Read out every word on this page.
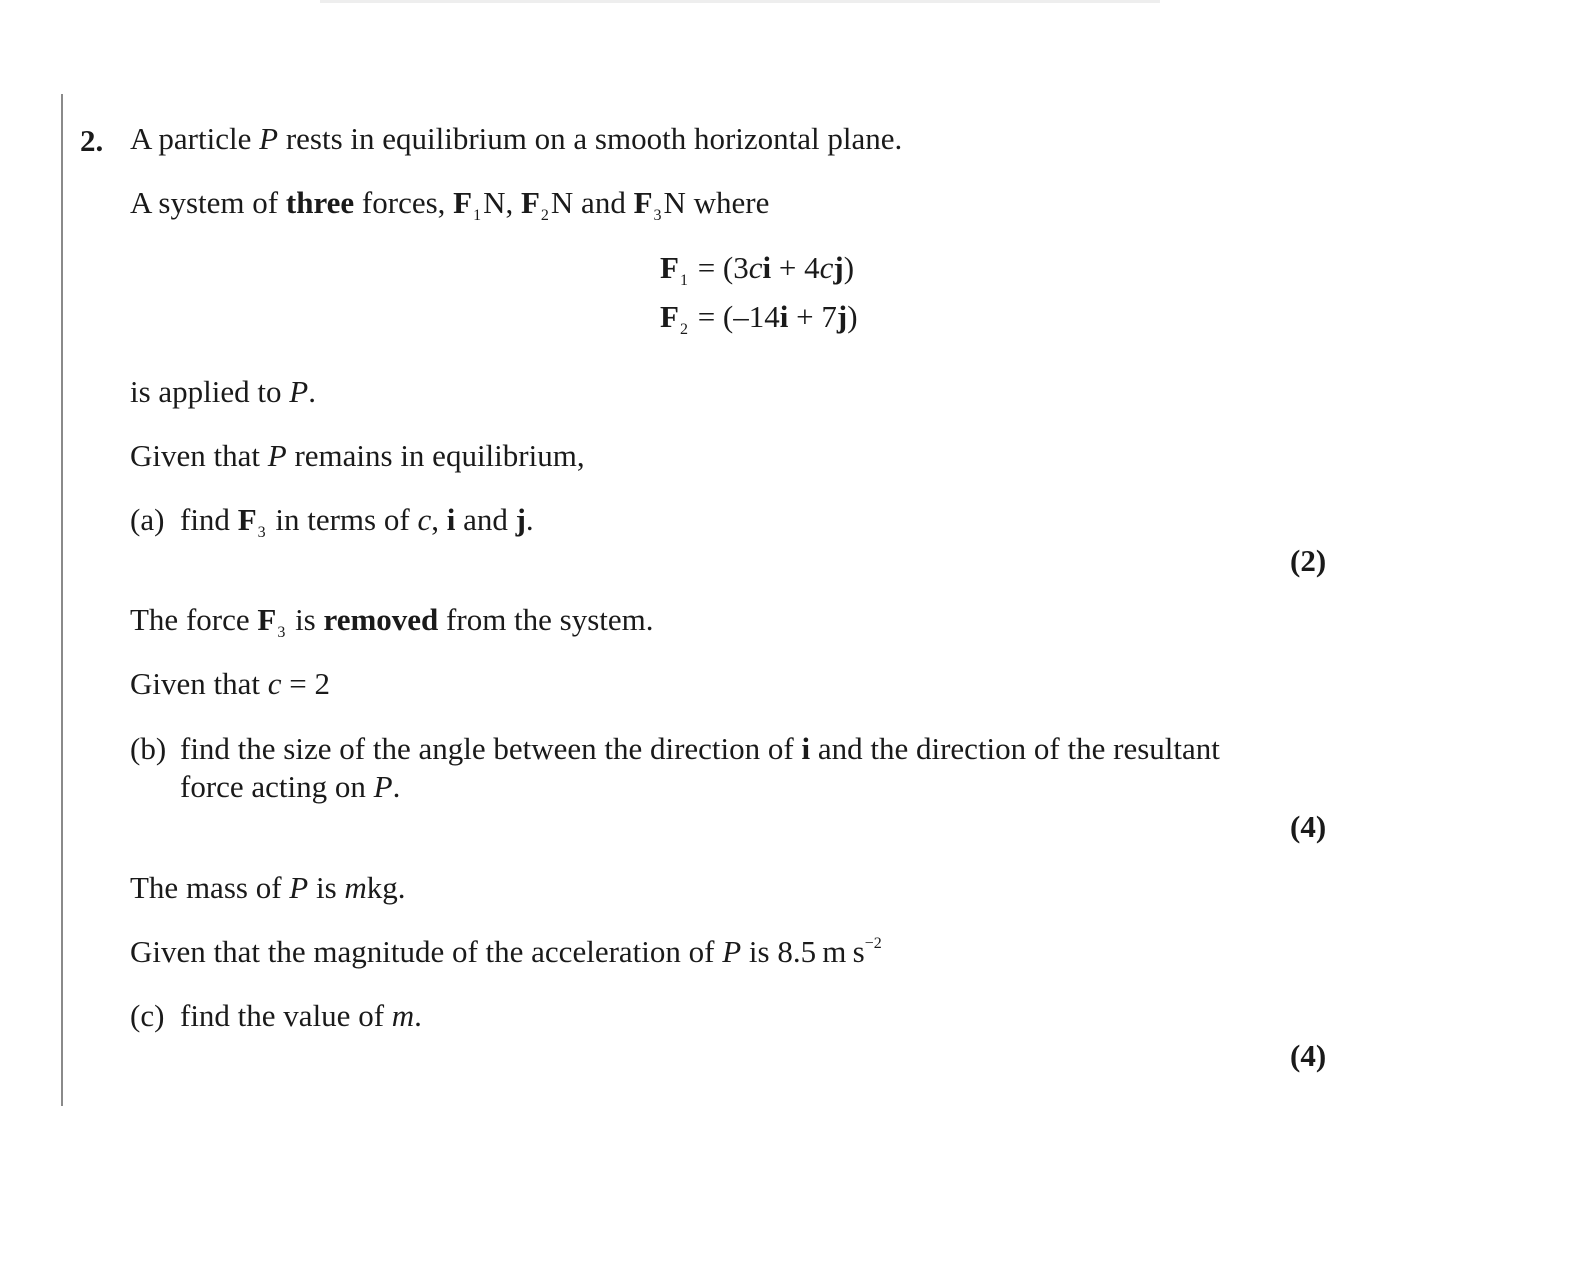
2. A particle P rests in equilibrium on a smooth horizontal plane.
A system of three forces, $F_1N$, $F_2N$ and $F_3N$ where
$F_1 = (3ci + 4cj)$
$F_2 = (-14i + 7j)$
is applied to P.
Given that P remains in equilibrium,
(a) find $F_3$ in terms of c, i and j.
(2)
The force $F_3$ is removed from the system.
Given that c = 2
(b) find the size of the angle between the direction of i and the direction of the resultant
force acting on P.
(4)
The mass of P is mkg.
Given that the magnitude of the acceleration of P is 8.5 m $s^{-2}$
(c) find the value of m.
(4)
